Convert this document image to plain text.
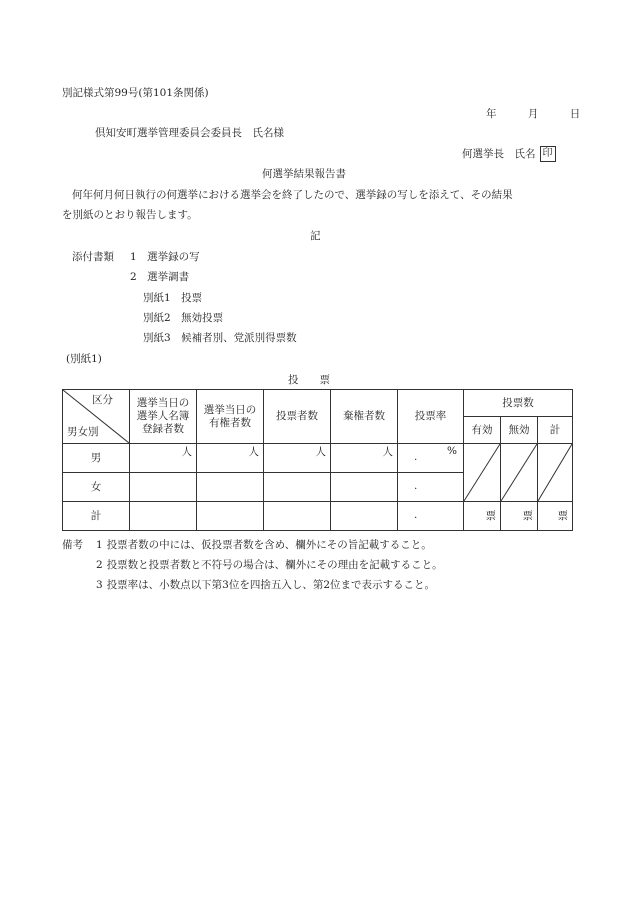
別記様式第99号(第101条関係)
年	月	日
倶知安町選挙管理委員会委員長　氏名様
何選挙長　氏名 印
何選挙結果報告書
何年何月何日執行の何選挙における選挙会を終了したので、選挙録の写しを添えて、その結果
を別紙のとおり報告します。
記
添付書類 1　選挙録の写
2　選挙調書
別紙1　投票
別紙2　無効投票
別紙3　候補者別、党派別得票数
(別紙1)
投　　票
区分
男女別	選挙当日の選挙人名簿登録者数	選挙当日の有権者数	投票者数	棄権者数	投票率	投票数		
						有効	無効	計
男	人	人	人	人	. %

女					.			

計					.	票	票	票
備考 1 投票者数の中には、仮投票者数を含め、欄外にその旨記載すること。
2 投票数と投票者数と不符号の場合は、欄外にその理由を記載すること。
3 投票率は、小数点以下第3位を四捨五入し、第2位まで表示すること。
